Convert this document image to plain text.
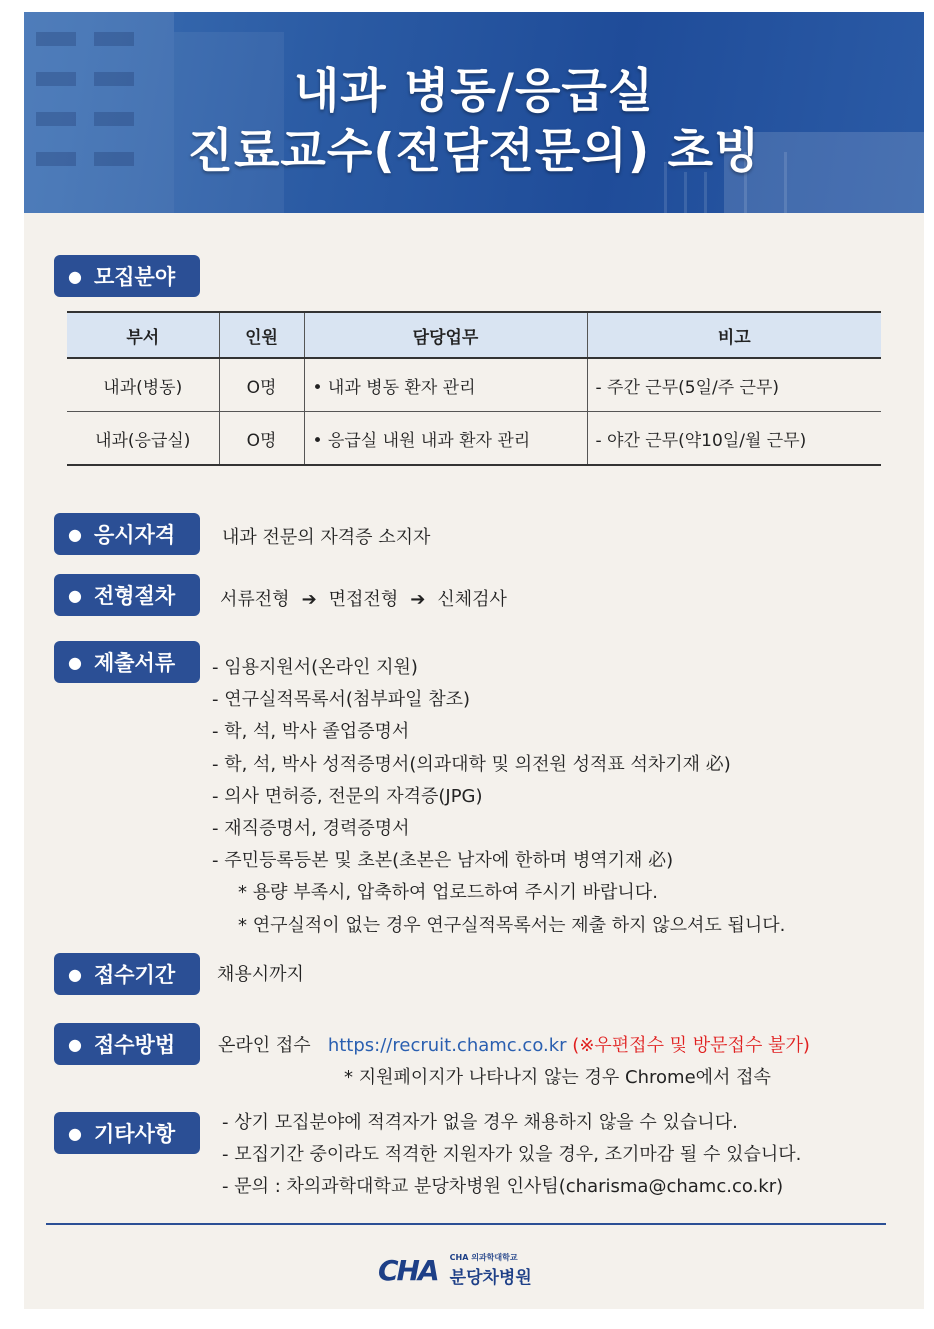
내과 병동/응급실
진료교수(전담전문의) 초빙
● 모집분야
부서	인원	담당업무	비고
내과(병동)	O명	• 내과 병동 환자 관리	- 주간 근무(5일/주 근무)
내과(응급실)	O명	• 응급실 내원 내과 환자 관리	- 야간 근무(약10일/월 근무)
● 응시자격	내과 전문의 자격증 소지자
● 전형절차 서류전형 ➔ 면접전형 ➔ 신체검사
● 제출서류 - 임용지원서(온라인 지원)
- 연구실적목록서(첨부파일 참조)
- 학, 석, 박사 졸업증명서
- 학, 석, 박사 성적증명서(의과대학 및 의전원 성적표 석차기재 必)
- 의사 면허증, 전문의 자격증(JPG)
- 재직증명서, 경력증명서
- 주민등록등본 및 초본(초본은 남자에 한하며 병역기재 必)
* 용량 부족시, 압축하여 업로드하여 주시기 바랍니다.
* 연구실적이 없는 경우 연구실적목록서는 제출 하지 않으셔도 됩니다.
● 접수기간 채용시까지
● 접수방법 온라인 접수 https://recruit.chamc.co.kr (※우편접수 및 방문접수 불가)
* 지원페이지가 나타나지 않는 경우 Chrome에서 접속
● 기타사항	- 상기 모집분야에 적격자가 없을 경우 채용하지 않을 수 있습니다.
- 모집기간 중이라도 적격한 지원자가 있을 경우, 조기마감 될 수 있습니다.
- 문의 : 차의과학대학교 분당차병원 인사팀(charisma@chamc.co.kr)
CHA CHA 의과학대학교
분당차병원
